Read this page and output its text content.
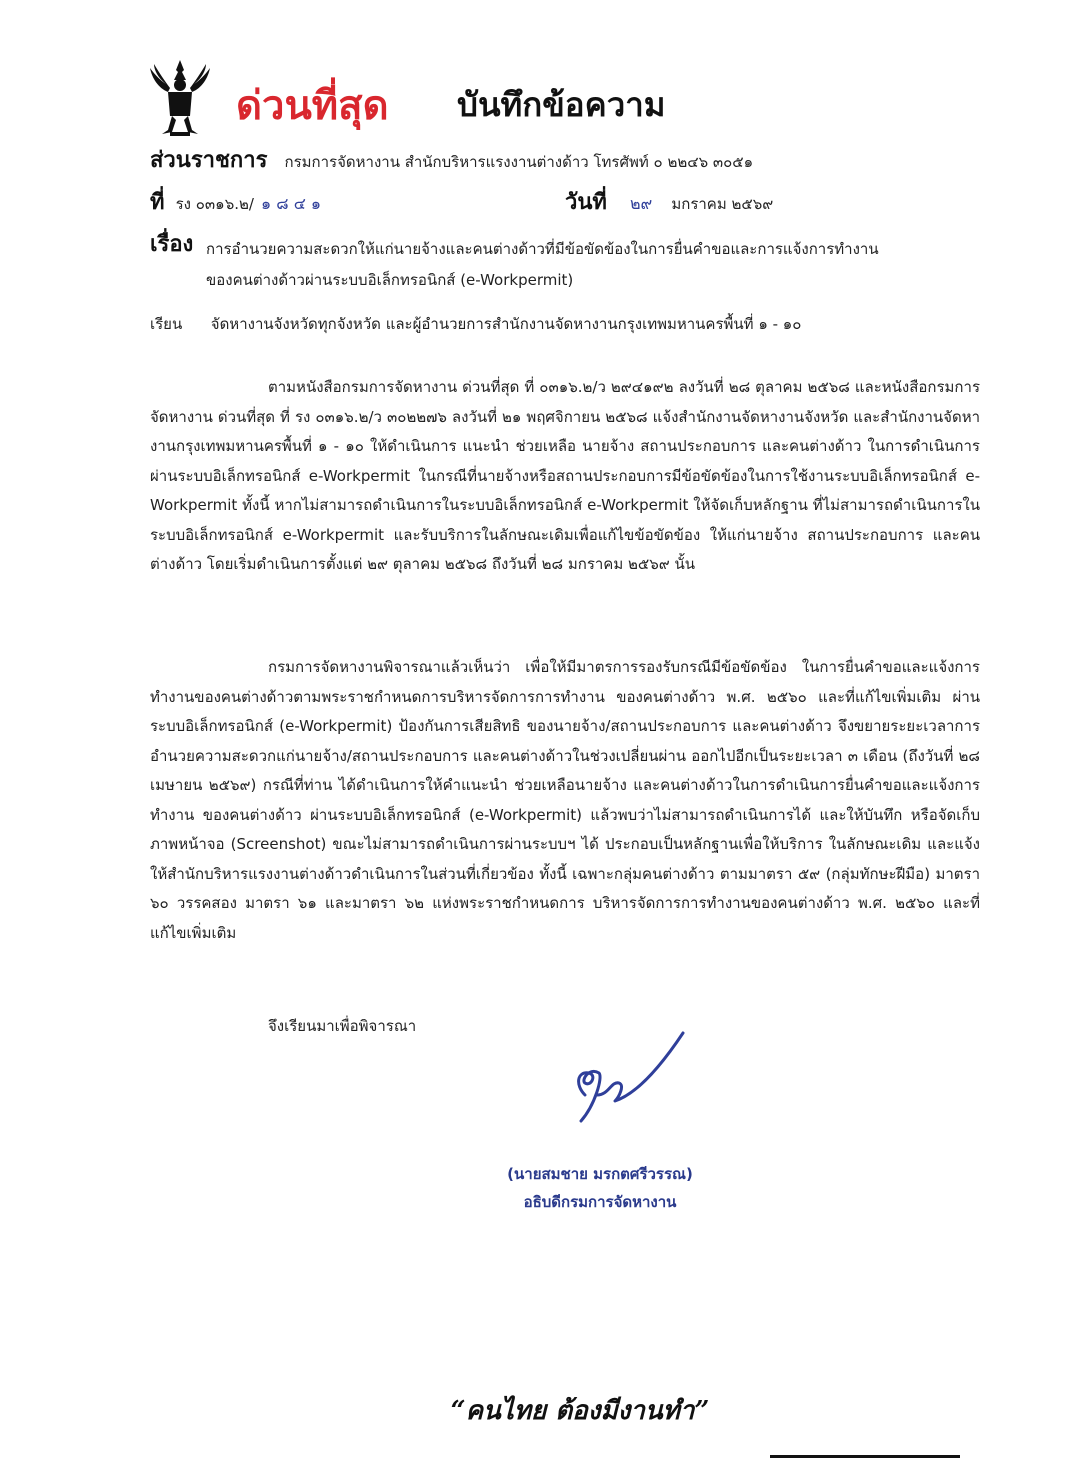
ด่วนที่สุด บันทึกข้อความ
ส่วนราชการ กรมการจัดหางาน สำนักบริหารแรงงานต่างด้าว โทรศัพท์ ๐ ๒๒๔๖ ๓๐๕๑
ที่ รง ๐๓๑๖.๒/ ๑ ๘ ๔ ๑	วันที่ ๒๙ มกราคม ๒๕๖๙
เรื่อง การอำนวยความสะดวกให้แก่นายจ้างและคนต่างด้าวที่มีข้อขัดข้องในการยื่นคำขอและการแจ้งการทำงาน
ของคนต่างด้าวผ่านระบบอิเล็กทรอนิกส์ (e-Workpermit)
เรียน จัดหางานจังหวัดทุกจังหวัด และผู้อำนวยการสำนักงานจัดหางานกรุงเทพมหานครพื้นที่ ๑ - ๑๐
ตามหนังสือกรมการจัดหางาน ด่วนที่สุด ที่ ๐๓๑๖.๒/ว ๒๙๔๑๙๒ ลงวันที่ ๒๘ ตุลาคม ๒๕๖๘ และหนังสือกรมการจัดหางาน ด่วนที่สุด ที่ รง ๐๓๑๖.๒/ว ๓๐๒๒๗๖ ลงวันที่ ๒๑ พฤศจิกายน ๒๕๖๘ แจ้งสำนักงานจัดหางานจังหวัด และสำนักงานจัดหางานกรุงเทพมหานครพื้นที่ ๑ - ๑๐ ให้ดำเนินการ แนะนำ ช่วยเหลือ นายจ้าง สถานประกอบการ และคนต่างด้าว ในการดำเนินการผ่านระบบอิเล็กทรอนิกส์ e-Workpermit ในกรณีที่นายจ้างหรือสถานประกอบการมีข้อขัดข้องในการใช้งานระบบอิเล็กทรอนิกส์ e-Workpermit ทั้งนี้ หากไม่สามารถดำเนินการในระบบอิเล็กทรอนิกส์ e-Workpermit ให้จัดเก็บหลักฐาน ที่ไม่สามารถดำเนินการในระบบอิเล็กทรอนิกส์ e-Workpermit และรับบริการในลักษณะเดิมเพื่อแก้ไขข้อขัดข้อง ให้แก่นายจ้าง สถานประกอบการ และคนต่างด้าว โดยเริ่มดำเนินการตั้งแต่ ๒๙ ตุลาคม ๒๕๖๘ ถึงวันที่ ๒๘ มกราคม ๒๕๖๙ นั้น
กรมการจัดหางานพิจารณาแล้วเห็นว่า เพื่อให้มีมาตรการรองรับกรณีมีข้อขัดข้อง ในการยื่นคำขอและแจ้งการทำงานของคนต่างด้าวตามพระราชกำหนดการบริหารจัดการการทำงาน ของคนต่างด้าว พ.ศ. ๒๕๖๐ และที่แก้ไขเพิ่มเติม ผ่านระบบอิเล็กทรอนิกส์ (e-Workpermit) ป้องกันการเสียสิทธิ ของนายจ้าง/สถานประกอบการ และคนต่างด้าว จึงขยายระยะเวลาการอำนวยความสะดวกแก่นายจ้าง/สถานประกอบการ และคนต่างด้าวในช่วงเปลี่ยนผ่าน ออกไปอีกเป็นระยะเวลา ๓ เดือน (ถึงวันที่ ๒๘ เมษายน ๒๕๖๙) กรณีที่ท่าน ได้ดำเนินการให้คำแนะนำ ช่วยเหลือนายจ้าง และคนต่างด้าวในการดำเนินการยื่นคำขอและแจ้งการทำงาน ของคนต่างด้าว ผ่านระบบอิเล็กทรอนิกส์ (e-Workpermit) แล้วพบว่าไม่สามารถดำเนินการได้ และให้บันทึก หรือจัดเก็บภาพหน้าจอ (Screenshot) ขณะไม่สามารถดำเนินการผ่านระบบฯ ได้ ประกอบเป็นหลักฐานเพื่อให้บริการ ในลักษณะเดิม และแจ้งให้สำนักบริหารแรงงานต่างด้าวดำเนินการในส่วนที่เกี่ยวข้อง ทั้งนี้ เฉพาะกลุ่มคนต่างด้าว ตามมาตรา ๕๙ (กลุ่มทักษะฝีมือ) มาตรา ๖๐ วรรคสอง มาตรา ๖๑ และมาตรา ๖๒ แห่งพระราชกำหนดการ บริหารจัดการการทำงานของคนต่างด้าว พ.ศ. ๒๕๖๐ และที่แก้ไขเพิ่มเติม
จึงเรียนมาเพื่อพิจารณา
(นายสมชาย มรกตศรีวรรณ)
อธิบดีกรมการจัดหางาน
“คนไทย ต้องมีงานทำ”
